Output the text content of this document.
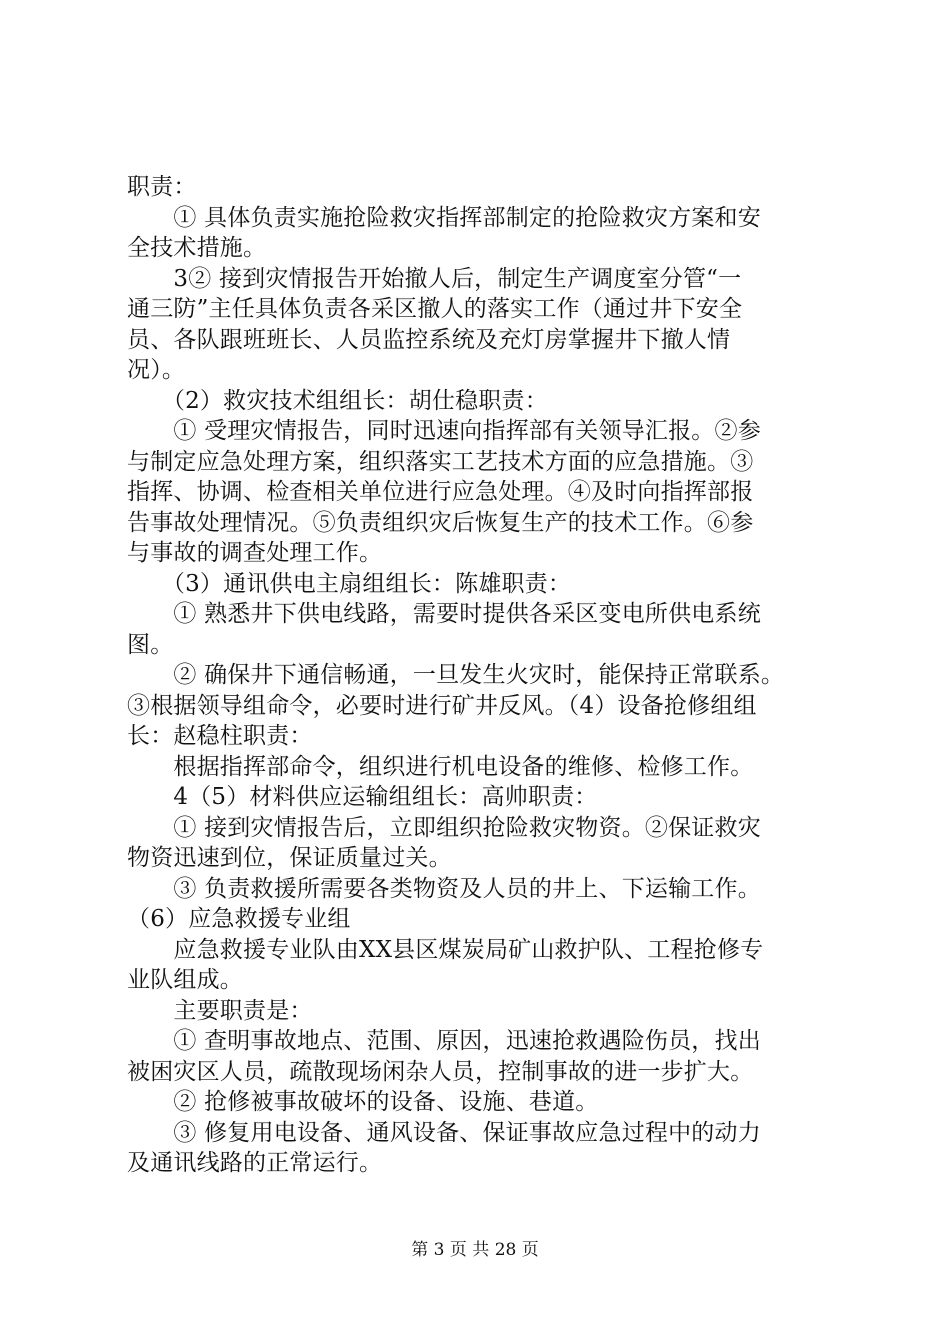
职责：
　　① 具体负责实施抢险救灾指挥部制定的抢险救灾方案和安
全技术措施。
　　3② 接到灾情报告开始撤人后，制定生产调度室分管“一
通三防”主任具体负责各采区撤人的落实工作（通过井下安全
员、各队跟班班长、人员监控系统及充灯房掌握井下撤人情
况）。
　　（2）救灾技术组组长：胡仕稳职责：
　　① 受理灾情报告，同时迅速向指挥部有关领导汇报。②参
与制定应急处理方案，组织落实工艺技术方面的应急措施。③
指挥、协调、检查相关单位进行应急处理。④及时向指挥部报
告事故处理情况。⑤负责组织灾后恢复生产的技术工作。⑥参
与事故的调查处理工作。
　　（3）通讯供电主扇组组长：陈雄职责：
　　① 熟悉井下供电线路，需要时提供各采区变电所供电系统
图。
　　② 确保井下通信畅通，一旦发生火灾时，能保持正常联系。
③根据领导组命令，必要时进行矿井反风。（4）设备抢修组组
长：赵稳柱职责：
　　根据指挥部命令，组织进行机电设备的维修、检修工作。
　　4（5）材料供应运输组组长：高帅职责：
　　① 接到灾情报告后，立即组织抢险救灾物资。②保证救灾
物资迅速到位，保证质量过关。
　　③ 负责救援所需要各类物资及人员的井上、下运输工作。
（6）应急救援专业组
　　应急救援专业队由XX县区煤炭局矿山救护队、工程抢修专
业队组成。
　　主要职责是：
　　① 查明事故地点、范围、原因，迅速抢救遇险伤员，找出
被困灾区人员，疏散现场闲杂人员，控制事故的进一步扩大。
　　② 抢修被事故破坏的设备、设施、巷道。
　　③ 修复用电设备、通风设备、保证事故应急过程中的动力
及通讯线路的正常运行。
第 3 页 共 28 页
